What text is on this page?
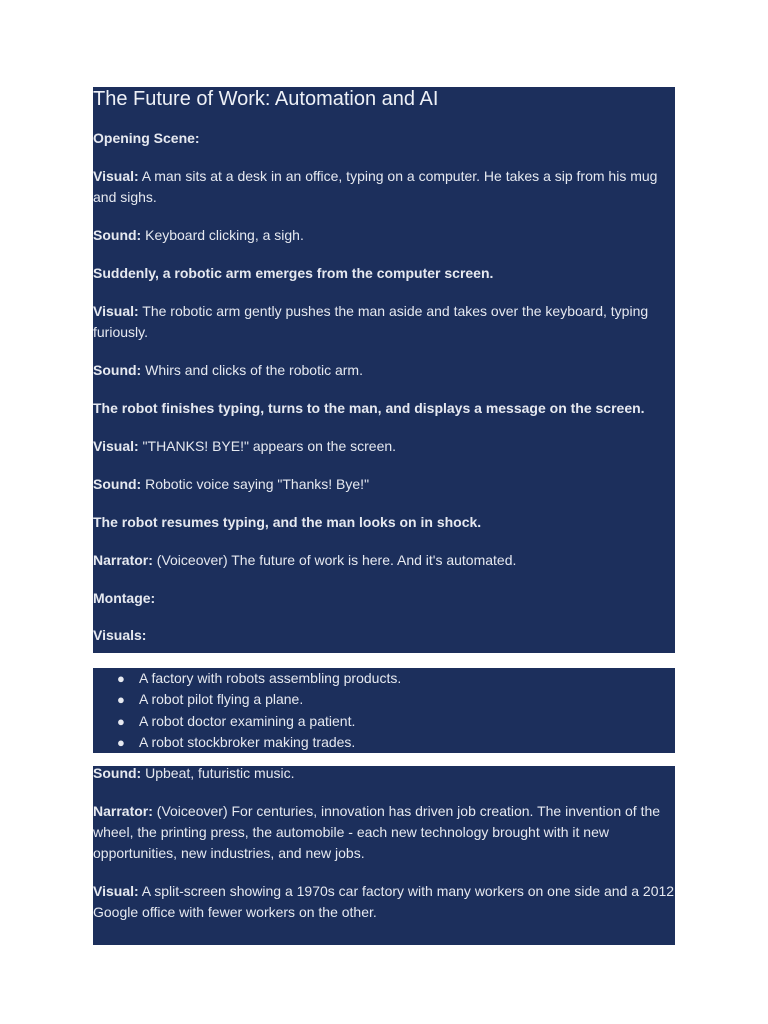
The Future of Work: Automation and AI

Opening Scene:

Visual: A man sits at a desk in an office, typing on a computer. He takes a sip from his mug and sighs.

Sound: Keyboard clicking, a sigh.

Suddenly, a robotic arm emerges from the computer screen.

Visual: The robotic arm gently pushes the man aside and takes over the keyboard, typing furiously.

Sound: Whirs and clicks of the robotic arm.

The robot finishes typing, turns to the man, and displays a message on the screen.

Visual: "THANKS! BYE!" appears on the screen.

Sound: Robotic voice saying "Thanks! Bye!"

The robot resumes typing, and the man looks on in shock.

Narrator: (Voiceover) The future of work is here. And it's automated.

Montage:

Visuals:

● A factory with robots assembling products.
● A robot pilot flying a plane.
● A robot doctor examining a patient.
● A robot stockbroker making trades.

Sound: Upbeat, futuristic music.

Narrator: (Voiceover) For centuries, innovation has driven job creation. The invention of the wheel, the printing press, the automobile - each new technology brought with it new opportunities, new industries, and new jobs.

Visual: A split-screen showing a 1970s car factory with many workers on one side and a 2012 Google office with fewer workers on the other.
